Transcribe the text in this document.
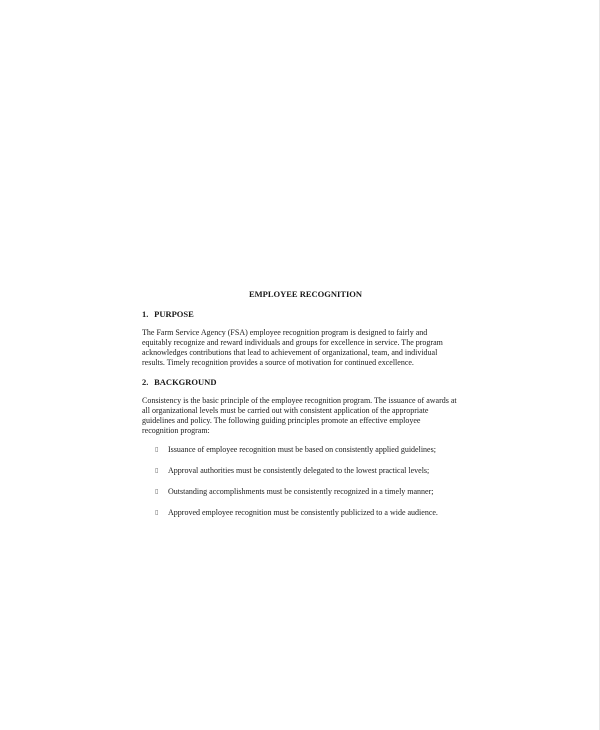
EMPLOYEE RECOGNITION
1. PURPOSE

The Farm Service Agency (FSA) employee recognition program is designed to fairly and equitably recognize and reward individuals and groups for excellence in service. The program acknowledges contributions that lead to achievement of organizational, team, and individual results. Timely recognition provides a source of motivation for continued excellence.

2. BACKGROUND

Consistency is the basic principle of the employee recognition program. The issuance of awards at all organizational levels must be carried out with consistent application of the appropriate guidelines and policy. The following guiding principles promote an effective employee recognition program:

▯ Issuance of employee recognition must be based on consistently applied guidelines;
▯ Approval authorities must be consistently delegated to the lowest practical levels;
▯ Outstanding accomplishments must be consistently recognized in a timely manner;
▯ Approved employee recognition must be consistently publicized to a wide audience.
